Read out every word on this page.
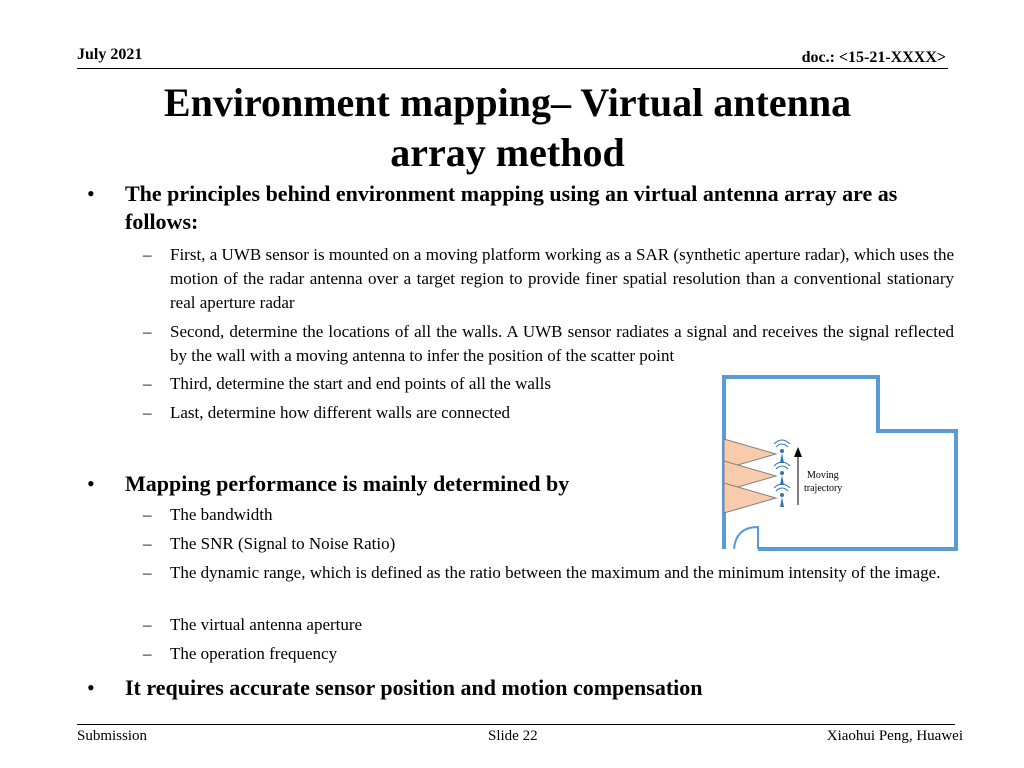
July 2021	doc.: <15-21-XXXX>
Environment mapping– Virtual antenna
array method
• The principles behind environment mapping using an virtual antenna array are as follows:
– First, a UWB sensor is mounted on a moving platform working as a SAR (synthetic aperture radar), which uses the motion of the radar antenna over a target region to provide finer spatial resolution than a conventional stationary real aperture radar
– Second, determine the locations of all the walls. A UWB sensor radiates a signal and receives the signal reflected by the wall with a moving antenna to infer the position of the scatter point
– Third, determine the start and end points of all the walls
– Last, determine how different walls are connected
• Mapping performance is mainly determined by
– The bandwidth
– The SNR (Signal to Noise Ratio)
– The dynamic range, which is defined as the ratio between the maximum and the minimum intensity of the image.
– The virtual antenna aperture
– The operation frequency
• It requires accurate sensor position and motion compensation
Moving
trajectory
Submission	Slide 22	Xiaohui Peng, Huawei
